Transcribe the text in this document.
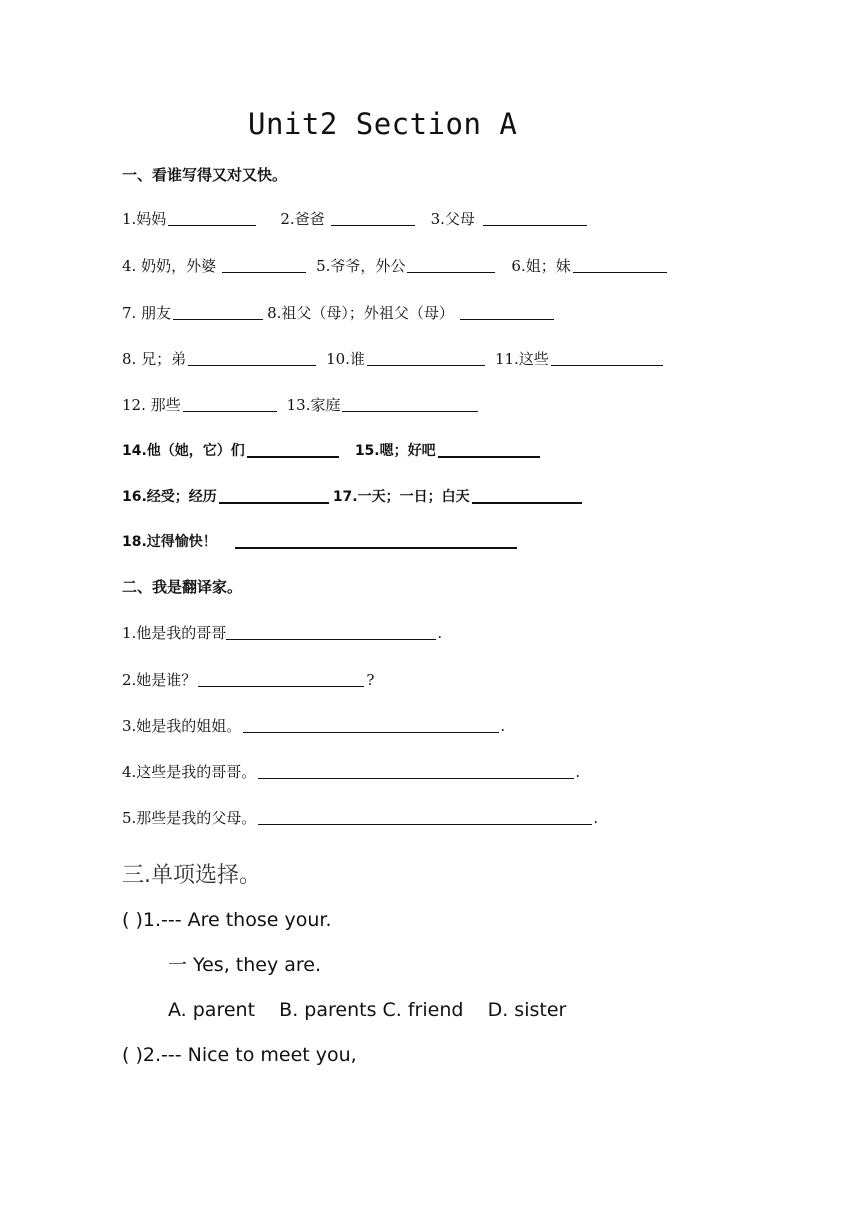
Unit2 Section A
一、看谁写得又对又快。
1.妈妈	2.爸爸	3.父母
4. 奶奶，外婆	5.爷爷，外公	6.姐；妹
7. 朋友	8.祖父（母）；外祖父（母）
8. 兄；弟	10.谁	11.这些
12. 那些	13.家庭
14.他（她，它）们	15.嗯；好吧
16.经受；经历	17.一天；一日；白天
18.过得愉快！
二、我是翻译家。
1.他是我的哥哥	.
2.她是谁？	?
3.她是我的姐姐。	.
4.这些是我的哥哥。	.
5.那些是我的父母。	.
三.单项选择。
( )1.--- Are those your.
一 Yes, they are.
A. parent    B. parents C. friend    D. sister
( )2.--- Nice to meet you,
